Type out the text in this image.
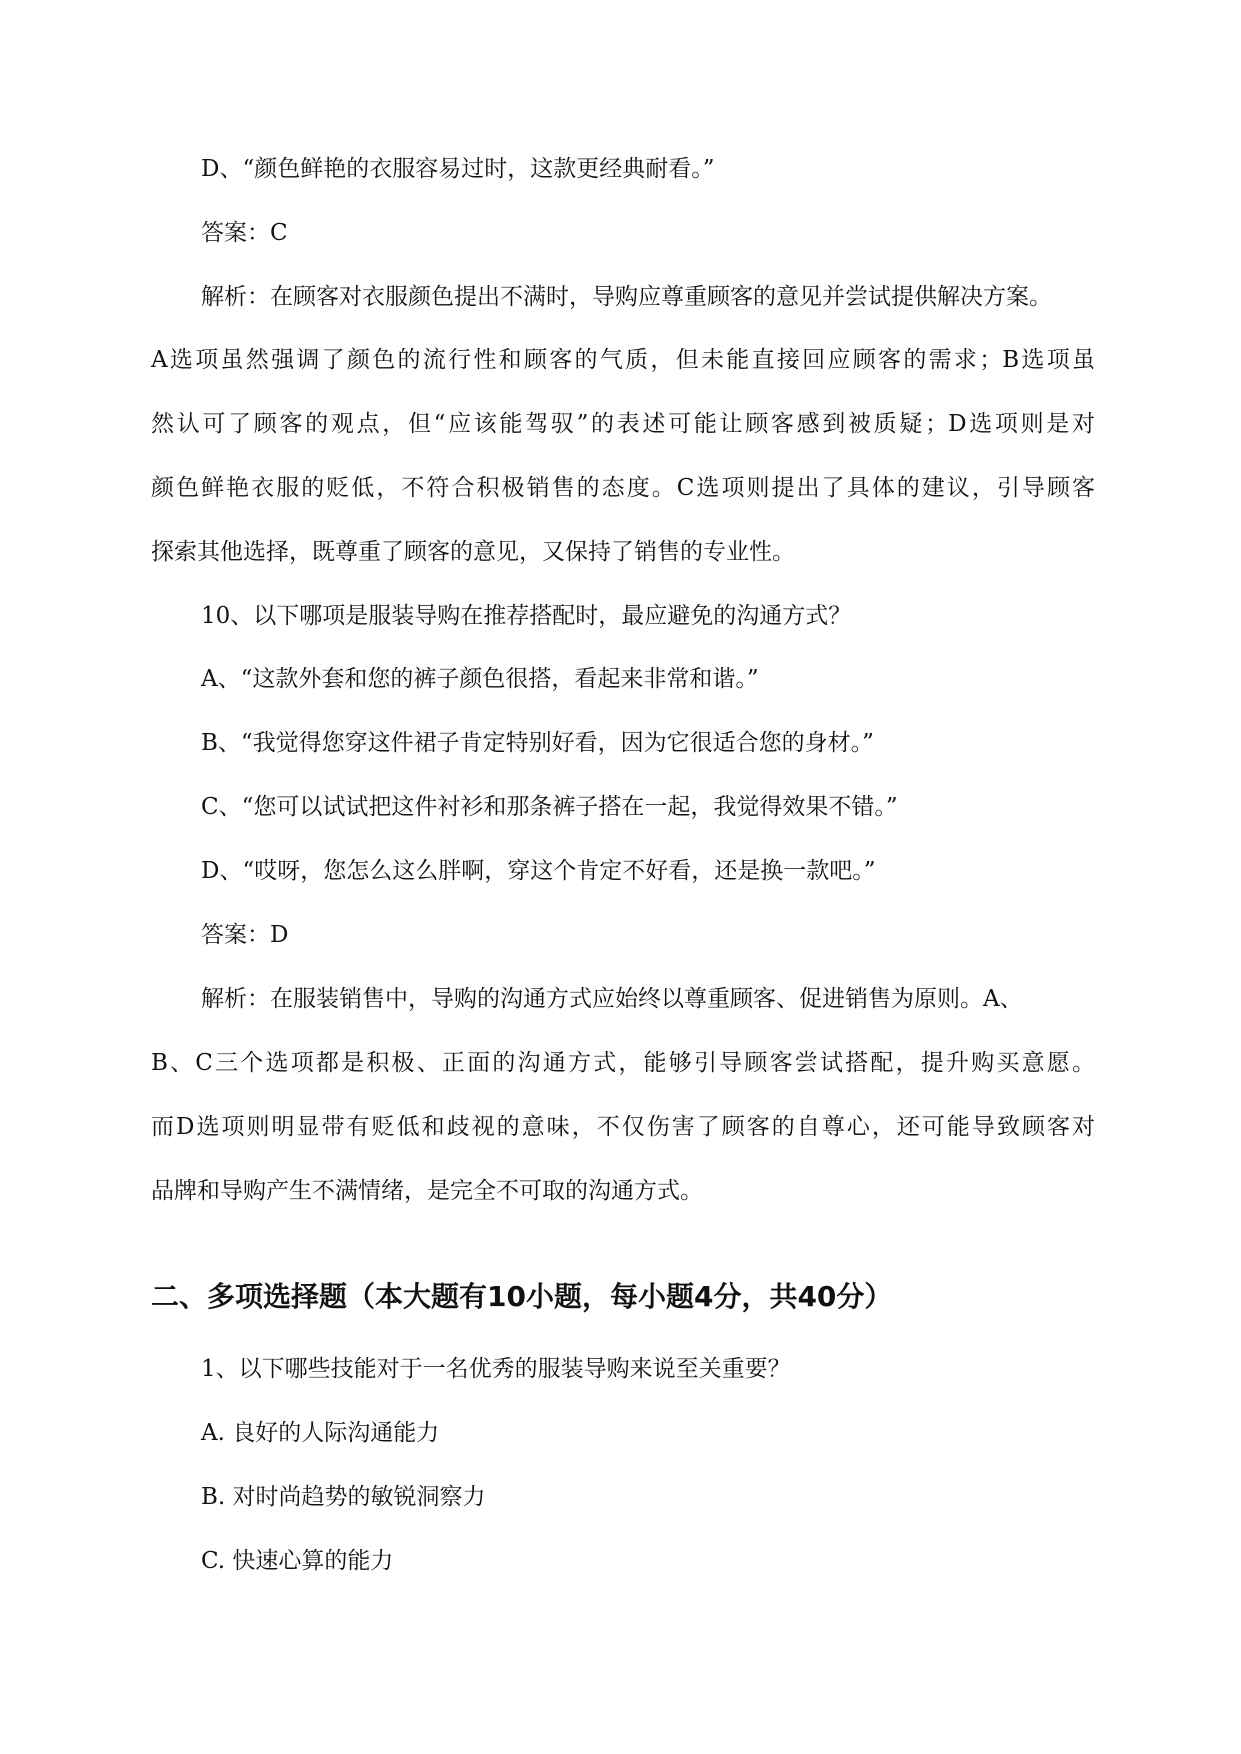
D、“颜色鲜艳的衣服容易过时，这款更经典耐看。”
答案：C
解析：在顾客对衣服颜色提出不满时，导购应尊重顾客的意见并尝试提供解决方案。
A选项虽然强调了颜色的流行性和顾客的气质，但未能直接回应顾客的需求；B选项虽
然认可了顾客的观点，但“应该能驾驭”的表述可能让顾客感到被质疑；D选项则是对
颜色鲜艳衣服的贬低，不符合积极销售的态度。C选项则提出了具体的建议，引导顾客
探索其他选择，既尊重了顾客的意见，又保持了销售的专业性。
10、以下哪项是服装导购在推荐搭配时，最应避免的沟通方式？
A、“这款外套和您的裤子颜色很搭，看起来非常和谐。”
B、“我觉得您穿这件裙子肯定特别好看，因为它很适合您的身材。”
C、“您可以试试把这件衬衫和那条裤子搭在一起，我觉得效果不错。”
D、“哎呀，您怎么这么胖啊，穿这个肯定不好看，还是换一款吧。”
答案：D
解析：在服装销售中，导购的沟通方式应始终以尊重顾客、促进销售为原则。A、
B、C三个选项都是积极、正面的沟通方式，能够引导顾客尝试搭配，提升购买意愿。
而D选项则明显带有贬低和歧视的意味，不仅伤害了顾客的自尊心，还可能导致顾客对
品牌和导购产生不满情绪，是完全不可取的沟通方式。
二、多项选择题（本大题有10小题，每小题4分，共40分）
1、以下哪些技能对于一名优秀的服装导购来说至关重要？
A. 良好的人际沟通能力
B. 对时尚趋势的敏锐洞察力
C. 快速心算的能力
